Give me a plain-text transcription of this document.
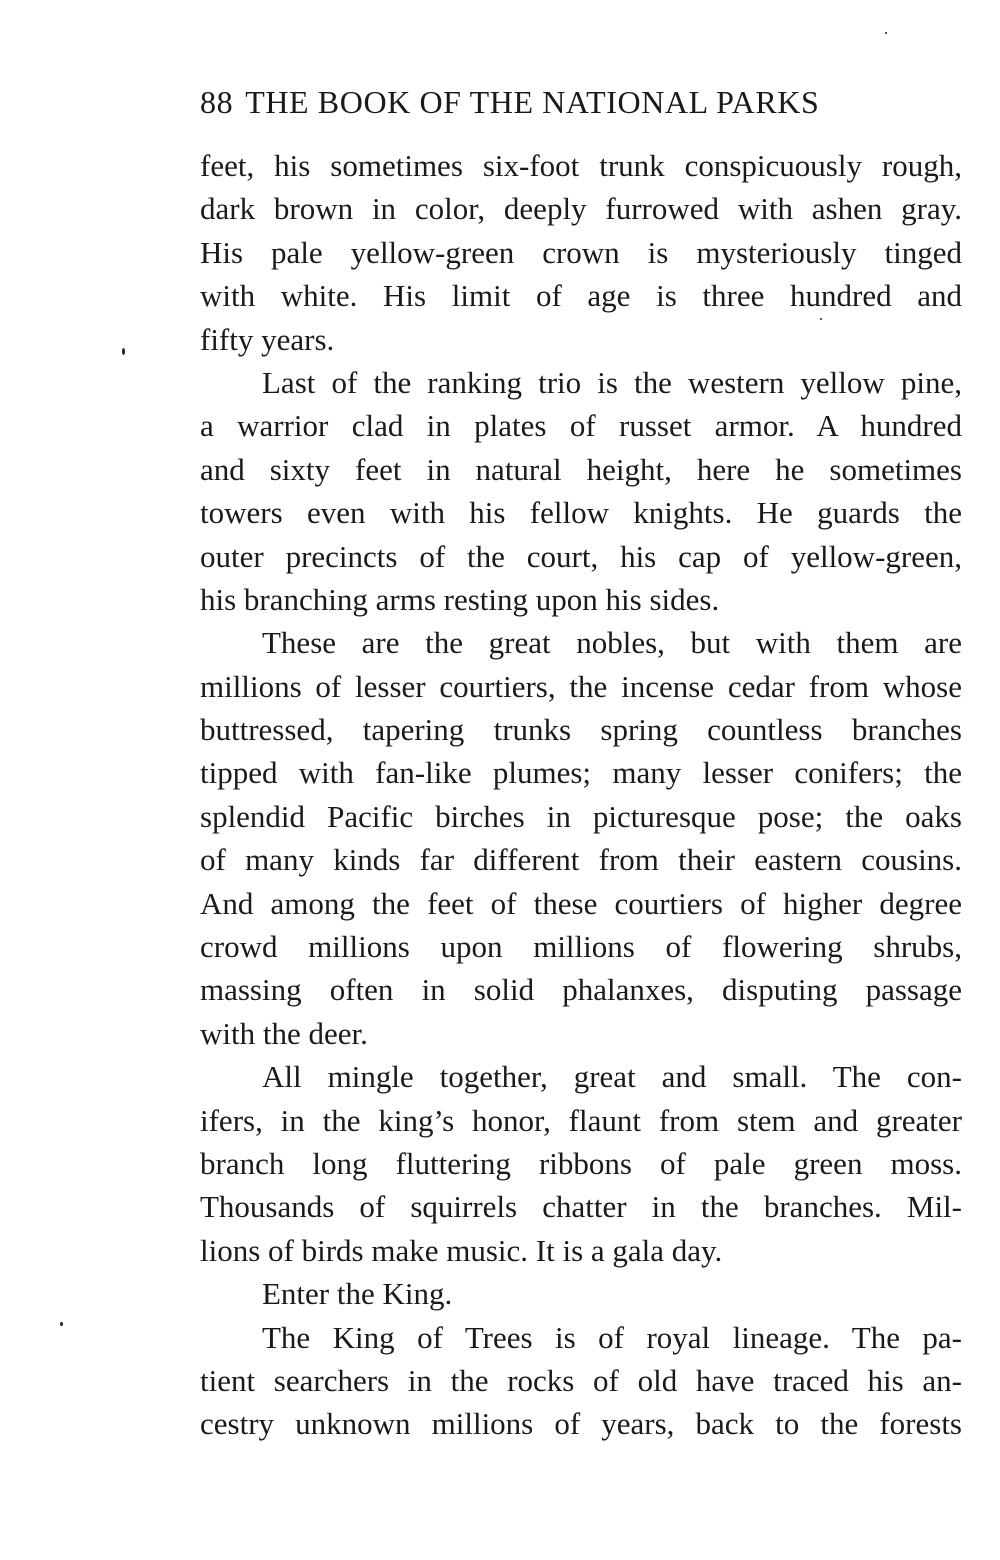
88 THE BOOK OF THE NATIONAL PARKS
feet, his sometimes six-foot trunk conspicuously rough,
dark brown in color, deeply furrowed with ashen gray.
His pale yellow-green crown is mysteriously tinged
with white. His limit of age is three hundred and
fifty years.
Last of the ranking trio is the western yellow pine,
a warrior clad in plates of russet armor. A hundred
and sixty feet in natural height, here he sometimes
towers even with his fellow knights. He guards the
outer precincts of the court, his cap of yellow-green,
his branching arms resting upon his sides.
These are the great nobles, but with them are
millions of lesser courtiers, the incense cedar from whose
buttressed, tapering trunks spring countless branches
tipped with fan-like plumes; many lesser conifers; the
splendid Pacific birches in picturesque pose; the oaks
of many kinds far different from their eastern cousins.
And among the feet of these courtiers of higher degree
crowd millions upon millions of flowering shrubs,
massing often in solid phalanxes, disputing passage
with the deer.
All mingle together, great and small. The con-
ifers, in the king’s honor, flaunt from stem and greater
branch long fluttering ribbons of pale green moss.
Thousands of squirrels chatter in the branches. Mil-
lions of birds make music. It is a gala day.
Enter the King.
The King of Trees is of royal lineage. The pa-
tient searchers in the rocks of old have traced his an-
cestry unknown millions of years, back to the forests
